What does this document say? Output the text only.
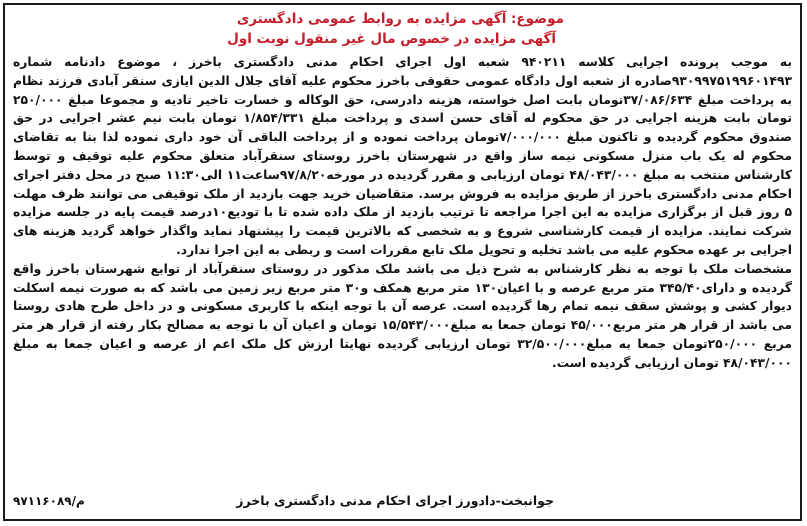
موضوع: آگهی مزایده به روابط عمومی دادگستری
آگهی مزایده در خصوص مال غیر منقول نوبت اول

به موجب پرونده اجرایی کلاسه ۹۴۰۲۱۱ شعبه اول اجرای احکام مدنی دادگستری باخرز ، موضوع دادنامه شماره ۹۳۰۹۹۷۵۱۹۹۶۰۱۴۹۳صادره از شعبه اول دادگاه عمومی حقوقی باخرز محکوم علیه آقای جلال الدین ایازی سنقر آبادی فرزند نظام به پرداخت مبلغ ۳۷/۰۸۶/۶۳۴تومان بابت اصل خواسته، هزینه دادرسی، حق الوکاله و خسارت تاخیر تادیه و مجموعا مبلغ ۲۵۰/۰۰۰ تومان بابت هزینه اجرایی در حق محکوم له آقای حسن اسدی و پرداخت مبلغ ۱/۸۵۴/۳۳۱ تومان بابت نیم عشر اجرایی در حق صندوق محکوم گردیده و تاکنون مبلغ ۷/۰۰۰/۰۰۰تومان پرداخت نموده و از پرداخت الباقی آن خود داری نموده لذا بنا به تقاضای محکوم له یک باب منزل مسکونی نیمه ساز واقع در شهرستان باخرز روستای سنقرآباد متعلق محکوم علیه توقیف و توسط کارشناس منتخب به مبلغ ۴۸/۰۴۳/۰۰۰ تومان ارزیابی و مقرر گردیده در مورخه۹۷/۸/۲۰ساعت۱۱ الی۱۱:۳۰ صبح در محل دفتر اجرای احکام مدنی دادگستری باخرز از طریق مزایده به فروش برسد. متقاضیان خرید جهت بازدید از ملک توقیفی می توانند ظرف مهلت ۵ روز قبل از برگزاری مزایده به این اجرا مراجعه تا ترتیب بازدید از ملک داده شده تا با تودیع۱۰درصد قیمت پایه در جلسه مزایده شرکت نمایند. مزایده از قیمت کارشناسی شروع و به شخصی که بالاترین قیمت را پیشنهاد نماید واگذار خواهد گردید هزینه های اجرایی بر عهده محکوم علیه می باشد تخلیه و تحویل ملک تابع مقررات است و ربطی به این اجرا ندارد.

مشخصات ملک با توجه به نظر کارشناس به شرح ذیل می باشد ملک مذکور در روستای سنقرآباد از توابع شهرستان باخرز واقع گردیده و دارای۳۴۵/۴۰ متر مربع عرصه و با اعیان۱۳۰ متر مربع همکف و۳۰ متر مربع زیر زمین می باشد که به صورت نیمه اسکلت دیوار کشی و پوشش سقف نیمه تمام رها گردیده است. عرصه آن با توجه اینکه با کاربری مسکونی و در داخل طرح هادی روستا می باشد از قرار هر متر مربع۴۵/۰۰۰ تومان جمعا به مبلغ۱۵/۵۴۳/۰۰۰ تومان و اعیان آن با توجه به مصالح بکار رفته از قرار هر متر مربع ۲۵۰/۰۰۰تومان جمعا به مبلغ۳۲/۵۰۰/۰۰۰ تومان ارزیابی گردیده نهایتا ارزش کل ملک اعم از عرصه و اعیان جمعا به مبلغ ۴۸/۰۴۳/۰۰۰ تومان ارزیابی گردیده است.

جوانبخت-دادورز اجرای احکام مدنی دادگستری باخرز
م/۹۷۱۱۶۰۸۹
